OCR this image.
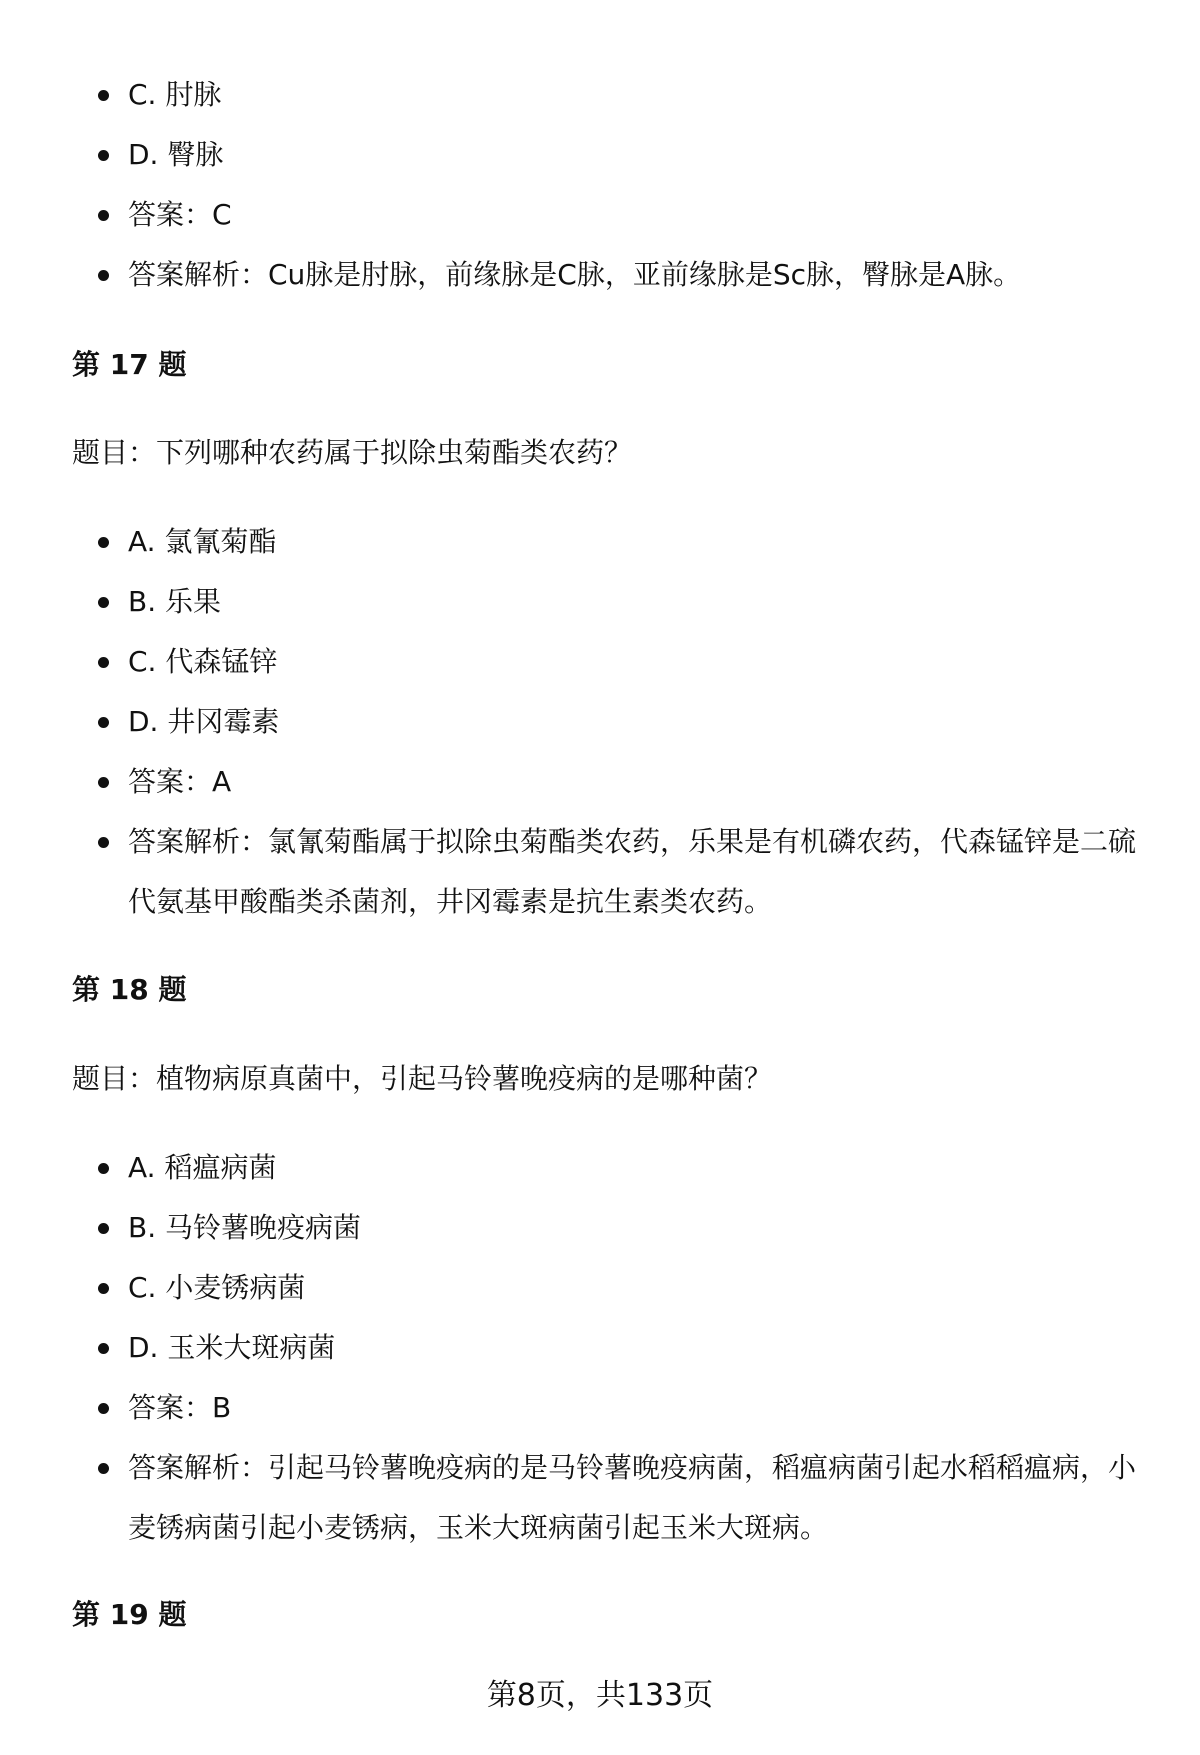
C. 肘脉
D. 臀脉
答案：C
答案解析：Cu脉是肘脉，前缘脉是C脉，亚前缘脉是Sc脉，臀脉是A脉。
第 17 题

题目：下列哪种农药属于拟除虫菊酯类农药？

A. 氯氰菊酯
B. 乐果
C. 代森锰锌
D. 井冈霉素
答案：A
答案解析：氯氰菊酯属于拟除虫菊酯类农药，乐果是有机磷农药，代森锰锌是二硫代氨基甲酸酯类杀菌剂，井冈霉素是抗生素类农药。
第 18 题

题目：植物病原真菌中，引起马铃薯晚疫病的是哪种菌？

A. 稻瘟病菌
B. 马铃薯晚疫病菌
C. 小麦锈病菌
D. 玉米大斑病菌
答案：B
答案解析：引起马铃薯晚疫病的是马铃薯晚疫病菌，稻瘟病菌引起水稻稻瘟病，小麦锈病菌引起小麦锈病，玉米大斑病菌引起玉米大斑病。
第 19 题
第8页，共133页
